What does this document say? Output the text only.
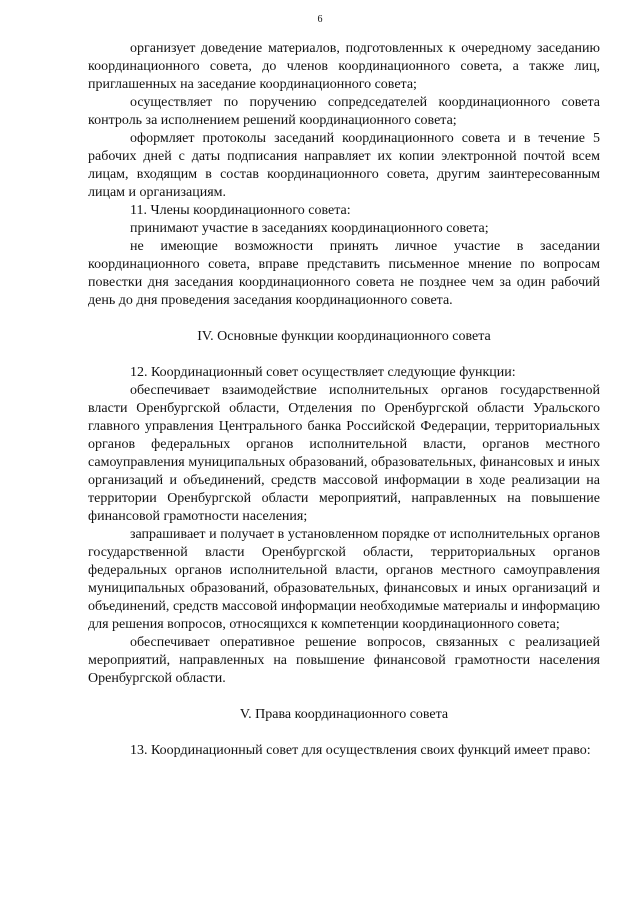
6

организует доведение материалов, подготовленных к очередному заседанию координационного совета, до членов координационного совета, а также лиц, приглашенных на заседание координационного совета;

осуществляет по поручению сопредседателей координационного совета контроль за исполнением решений координационного совета;

оформляет протоколы заседаний координационного совета и в течение 5 рабочих дней с даты подписания направляет их копии электронной почтой всем лицам, входящим в состав координационного совета, другим заинтересованным лицам и организациям.

11. Члены координационного совета:

принимают участие в заседаниях координационного совета;

не имеющие возможности принять личное участие в заседании координационного совета, вправе представить письменное мнение по вопросам повестки дня заседания координационного совета не позднее чем за один рабочий день до дня проведения заседания координационного совета.

IV. Основные функции координационного совета

12. Координационный совет осуществляет следующие функции:

обеспечивает взаимодействие исполнительных органов государственной власти Оренбургской области, Отделения по Оренбургской области Уральского главного управления Центрального банка Российской Федерации, территориальных органов федеральных органов исполнительной власти, органов местного самоуправления муниципальных образований, образовательных, финансовых и иных организаций и объединений, средств массовой информации в ходе реализации на территории Оренбургской области мероприятий, направленных на повышение финансовой грамотности населения;

запрашивает и получает в установленном порядке от исполнительных органов государственной власти Оренбургской области, территориальных органов федеральных органов исполнительной власти, органов местного самоуправления муниципальных образований, образовательных, финансовых и иных организаций и объединений, средств массовой информации необходимые материалы и информацию для решения вопросов, относящихся к компетенции координационного совета;

обеспечивает оперативное решение вопросов, связанных с реализацией мероприятий, направленных на повышение финансовой грамотности населения Оренбургской области.

V. Права координационного совета

13. Координационный совет для осуществления своих функций имеет право:
